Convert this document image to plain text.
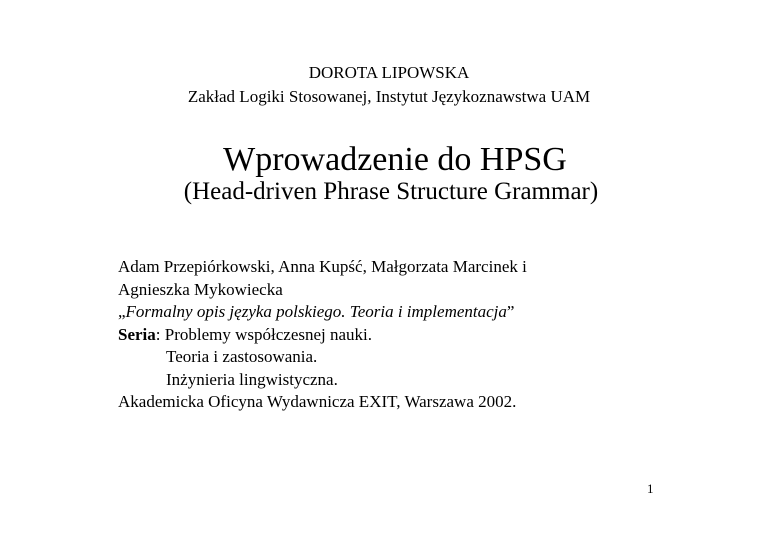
DOROTA LIPOWSKA
Zakład Logiki Stosowanej, Instytut Językoznawstwa UAM
Wprowadzenie do HPSG
(Head-driven Phrase Structure Grammar)
Adam Przepiórkowski, Anna Kupść, Małgorzata Marcinek i
Agnieszka Mykowiecka
„Formalny opis języka polskiego. Teoria i implementacja”
Seria: Problemy współczesnej nauki.
Teoria i zastosowania.
Inżynieria lingwistyczna.
Akademicka Oficyna Wydawnicza EXIT, Warszawa 2002.
1
